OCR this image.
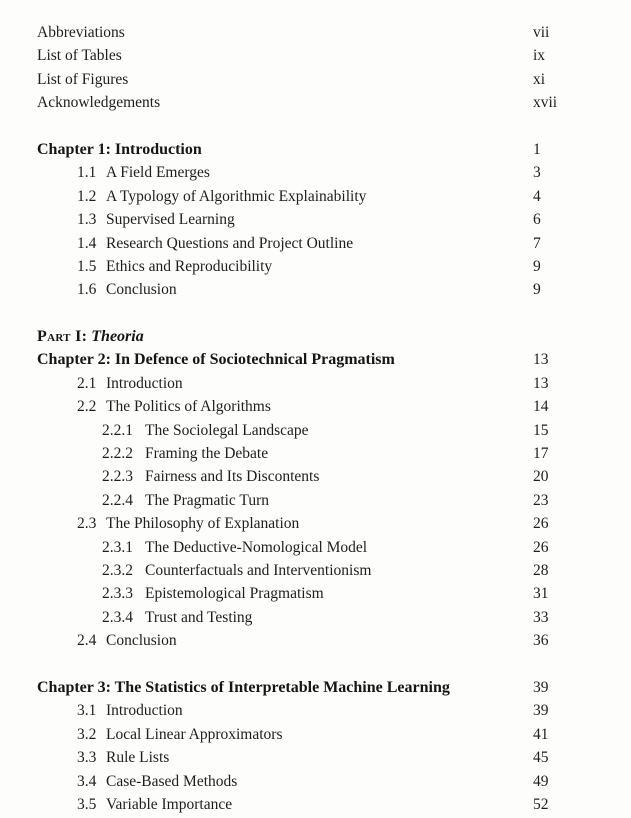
Abbreviations	vii
List of Tables	ix
List of Figures	xi
Acknowledgements	xvii
Chapter 1: Introduction	1
1.1 A Field Emerges	3
1.2 A Typology of Algorithmic Explainability	4
1.3 Supervised Learning	6
1.4 Research Questions and Project Outline	7
1.5 Ethics and Reproducibility	9
1.6 Conclusion	9
Part I: Theoria
Chapter 2: In Defence of Sociotechnical Pragmatism	13
2.1 Introduction	13
2.2 The Politics of Algorithms	14
2.2.1 The Sociolegal Landscape	15
2.2.2 Framing the Debate	17
2.2.3 Fairness and Its Discontents	20
2.2.4 The Pragmatic Turn	23
2.3 The Philosophy of Explanation	26
2.3.1 The Deductive-Nomological Model	26
2.3.2 Counterfactuals and Interventionism	28
2.3.3 Epistemological Pragmatism	31
2.3.4 Trust and Testing	33
2.4 Conclusion	36
Chapter 3: The Statistics of Interpretable Machine Learning	39
3.1 Introduction	39
3.2 Local Linear Approximators	41
3.3 Rule Lists	45
3.4 Case-Based Methods	49
3.5 Variable Importance	52
